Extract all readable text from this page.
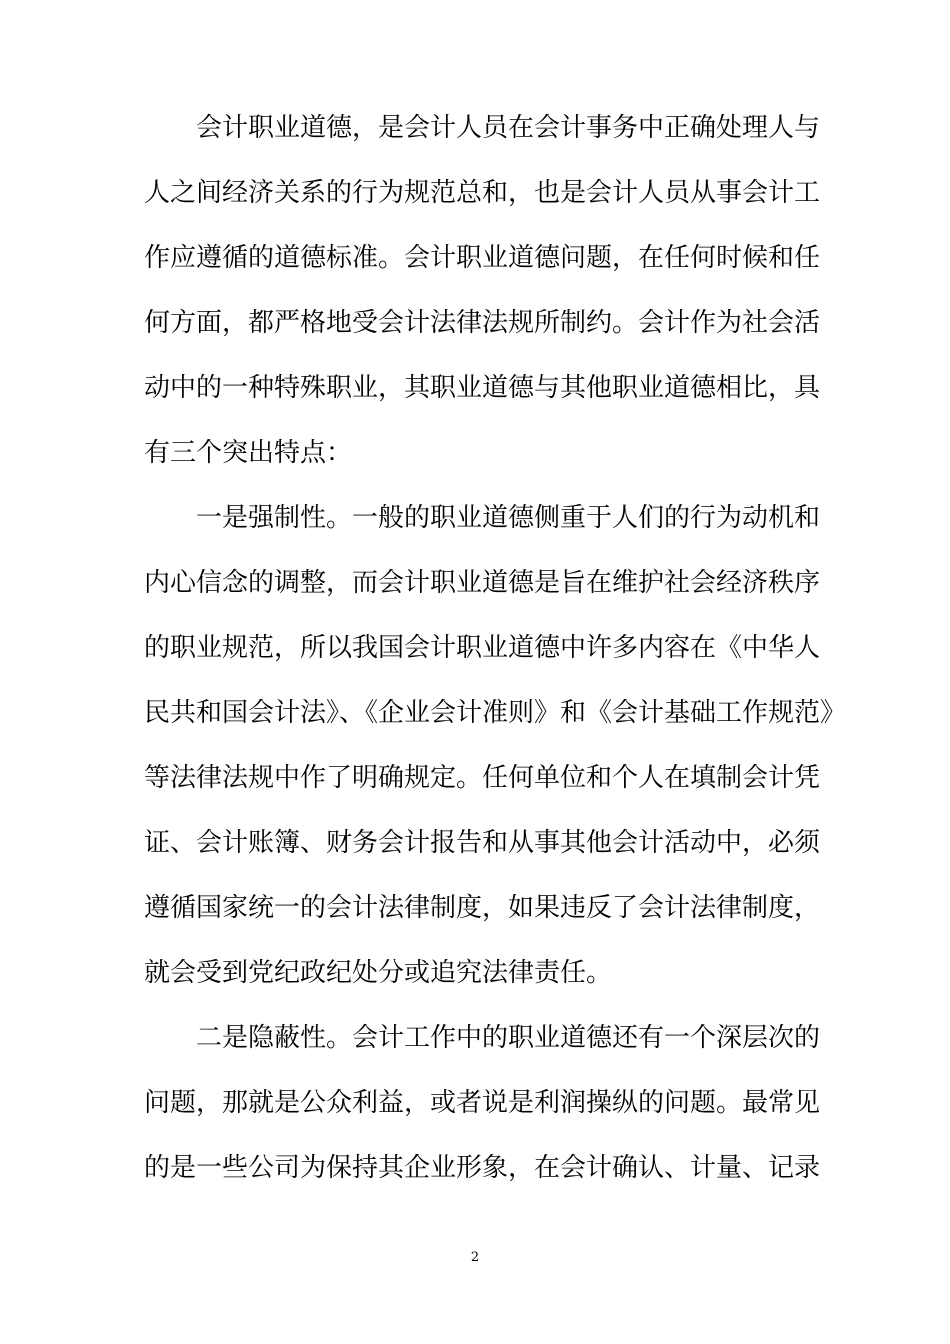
会计职业道德，是会计人员在会计事务中正确处理人与
人之间经济关系的行为规范总和，也是会计人员从事会计工
作应遵循的道德标准。会计职业道德问题，在任何时候和任
何方面，都严格地受会计法律法规所制约。会计作为社会活
动中的一种特殊职业，其职业道德与其他职业道德相比，具
有三个突出特点：
一是强制性。一般的职业道德侧重于人们的行为动机和
内心信念的调整，而会计职业道德是旨在维护社会经济秩序
的职业规范，所以我国会计职业道德中许多内容在《中华人
民共和国会计法》、《企业会计准则》和《会计基础工作规范》
等法律法规中作了明确规定。任何单位和个人在填制会计凭
证、会计账簿、财务会计报告和从事其他会计活动中，必须
遵循国家统一的会计法律制度，如果违反了会计法律制度，
就会受到党纪政纪处分或追究法律责任。
二是隐蔽性。会计工作中的职业道德还有一个深层次的
问题，那就是公众利益，或者说是利润操纵的问题。最常见
的是一些公司为保持其企业形象，在会计确认、计量、记录
2
